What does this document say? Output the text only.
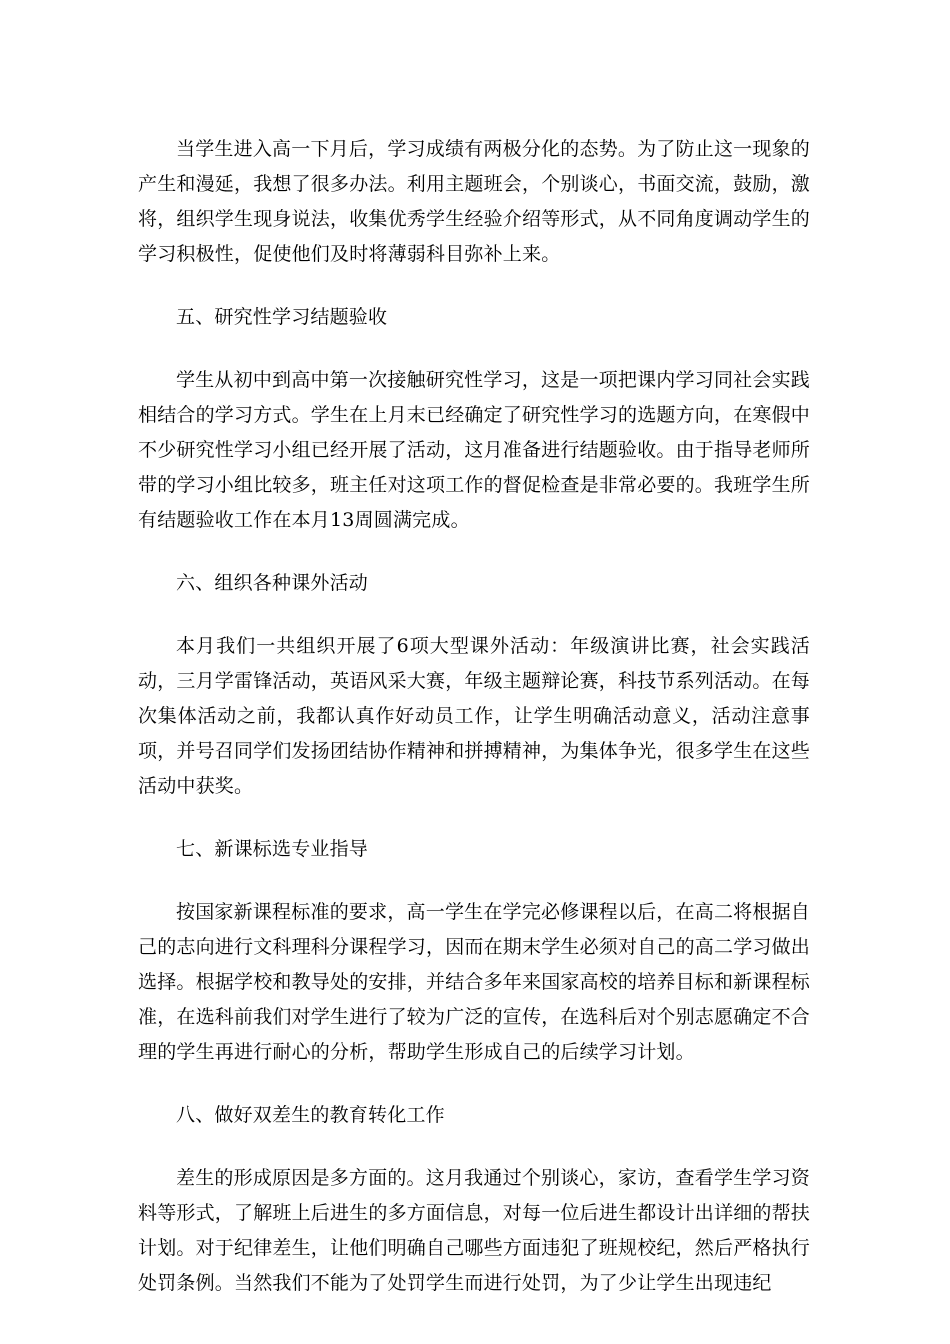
当学生进入高一下月后，学习成绩有两极分化的态势。为了防止这一现象的产生和漫延，我想了很多办法。利用主题班会，个别谈心，书面交流，鼓励，激将，组织学生现身说法，收集优秀学生经验介绍等形式，从不同角度调动学生的学习积极性，促使他们及时将薄弱科目弥补上来。

五、研究性学习结题验收

学生从初中到高中第一次接触研究性学习，这是一项把课内学习同社会实践相结合的学习方式。学生在上月末已经确定了研究性学习的选题方向，在寒假中不少研究性学习小组已经开展了活动，这月准备进行结题验收。由于指导老师所带的学习小组比较多，班主任对这项工作的督促检查是非常必要的。我班学生所有结题验收工作在本月13周圆满完成。

六、组织各种课外活动

本月我们一共组织开展了6项大型课外活动：年级演讲比赛，社会实践活动，三月学雷锋活动，英语风采大赛，年级主题辩论赛，科技节系列活动。在每次集体活动之前，我都认真作好动员工作，让学生明确活动意义，活动注意事项，并号召同学们发扬团结协作精神和拼搏精神，为集体争光，很多学生在这些活动中获奖。

七、新课标选专业指导

按国家新课程标准的要求，高一学生在学完必修课程以后，在高二将根据自己的志向进行文科理科分课程学习，因而在期末学生必须对自己的高二学习做出选择。根据学校和教导处的安排，并结合多年来国家高校的培养目标和新课程标准，在选科前我们对学生进行了较为广泛的宣传，在选科后对个别志愿确定不合理的学生再进行耐心的分析，帮助学生形成自己的后续学习计划。

八、做好双差生的教育转化工作

差生的形成原因是多方面的。这月我通过个别谈心，家访，查看学生学习资料等形式，了解班上后进生的多方面信息，对每一位后进生都设计出详细的帮扶计划。对于纪律差生，让他们明确自己哪些方面违犯了班规校纪，然后严格执行处罚条例。当然我们不能为了处罚学生而进行处罚，为了少让学生出现违纪
